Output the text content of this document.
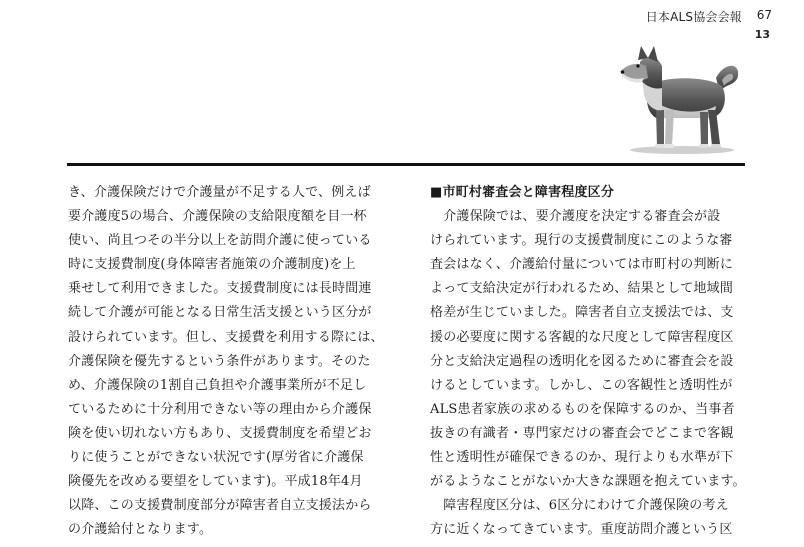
日本ALS協会会報 67
13
き、介護保険だけで介護量が不足する人で、例えば
要介護度5の場合、介護保険の支給限度額を目一杯
使い、尚且つその半分以上を訪問介護に使っている
時に支援費制度(身体障害者施策の介護制度)を上
乗せして利用できました。支援費制度には長時間連
続して介護が可能となる日常生活支援という区分が
設けられています。但し、支援費を利用する際には、
介護保険を優先するという条件があります。そのた
め、介護保険の1割自己負担や介護事業所が不足し
ているために十分利用できない等の理由から介護保
険を使い切れない方もあり、支援費制度を希望どお
りに使うことができない状況です(厚労省に介護保
険優先を改める要望をしています)。平成18年4月
以降、この支援費制度部分が障害者自立支援法から
の介護給付となります。
■市町村審査会と障害程度区分
　介護保険では、要介護度を決定する審査会が設
けられています。現行の支援費制度にこのような審
査会はなく、介護給付量については市町村の判断に
よって支給決定が行われるため、結果として地域間
格差が生じていました。障害者自立支援法では、支
援の必要度に関する客観的な尺度として障害程度区
分と支給決定過程の透明化を図るために審査会を設
けるとしています。しかし、この客観性と透明性が
ALS患者家族の求めるものを保障するのか、当事者
抜きの有識者・専門家だけの審査会でどこまで客観
性と透明性が確保できるのか、現行よりも水準が下
がるようなことがないか大きな課題を抱えています。
　障害程度区分は、6区分にわけて介護保険の考え
方に近くなってきています。重度訪問介護という区
